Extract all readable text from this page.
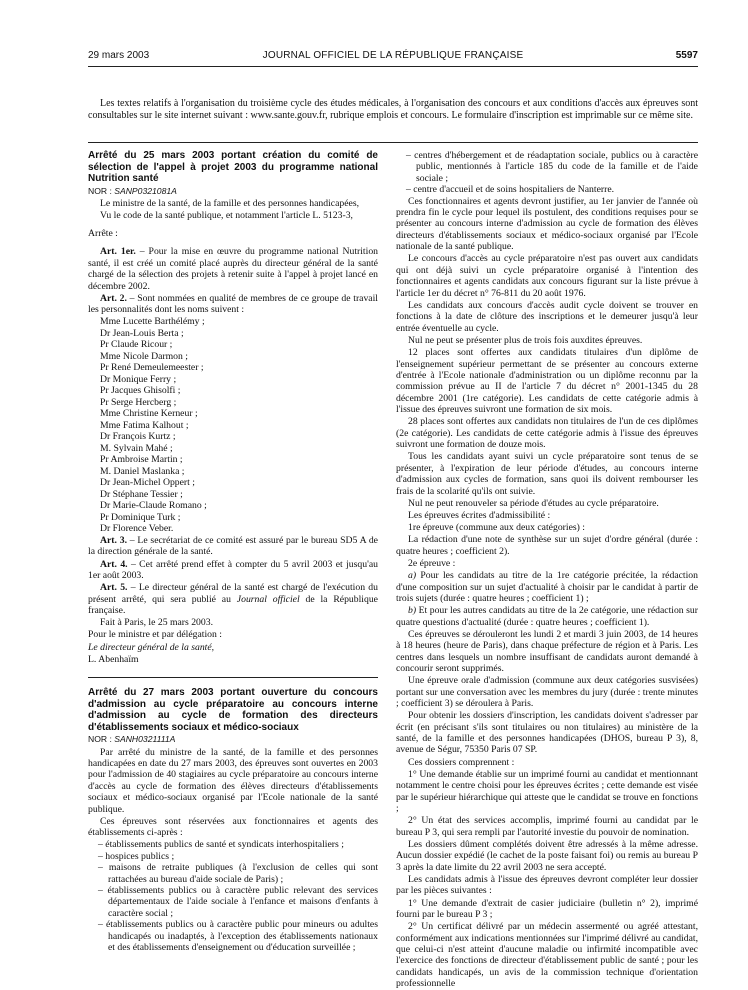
29 mars 2003	JOURNAL OFFICIEL DE LA RÉPUBLIQUE FRANÇAISE	5597

Les textes relatifs à l'organisation du troisième cycle des études médicales, à l'organisation des concours et aux conditions d'accès aux épreuves sont consultables sur le site internet suivant : www.sante.gouv.fr, rubrique emplois et concours. Le formulaire d'inscription est imprimable sur ce même site.

Arrêté du 25 mars 2003 portant création du comité de sélection de l'appel à projet 2003 du programme national Nutrition santé

NOR : SANP0321081A

Le ministre de la santé, de la famille et des personnes handicapées,

Vu le code de la santé publique, et notamment l'article L. 5123-3,

Arrête :

Art. 1er. – Pour la mise en œuvre du programme national Nutrition santé, il est créé un comité placé auprès du directeur général de la santé chargé de la sélection des projets à retenir suite à l'appel à projet lancé en décembre 2002.

Art. 2. – Sont nommées en qualité de membres de ce groupe de travail les personnalités dont les noms suivent :

Mme Lucette Barthélémy ;
Dr Jean-Louis Berta ;
Pr Claude Ricour ;
Mme Nicole Darmon ;
Pr René Demeulemeester ;
Dr Monique Ferry ;
Pr Jacques Ghisolfi ;
Pr Serge Hercberg ;
Mme Christine Kerneur ;
Mme Fatima Kalhout ;
Dr François Kurtz ;
M. Sylvain Mahé ;
Pr Ambroise Martin ;
M. Daniel Maslanka ;
Dr Jean-Michel Oppert ;
Dr Stéphane Tessier ;
Dr Marie-Claude Romano ;
Pr Dominique Turk ;
Dr Florence Veber.

Art. 3. – Le secrétariat de ce comité est assuré par le bureau SD5 A de la direction générale de la santé.

Art. 4. – Cet arrêté prend effet à compter du 5 avril 2003 et jusqu'au 1er août 2003.

Art. 5. – Le directeur général de la santé est chargé de l'exécution du présent arrêté, qui sera publié au Journal officiel de la République française.

Fait à Paris, le 25 mars 2003.

Pour le ministre et par délégation :

Le directeur général de la santé,

L. Abenhaïm

Arrêté du 27 mars 2003 portant ouverture du concours d'admission au cycle préparatoire au concours interne d'admission au cycle de formation des directeurs d'établissements sociaux et médico-sociaux

NOR : SANH0321111A

Par arrêté du ministre de la santé, de la famille et des personnes handicapées en date du 27 mars 2003, des épreuves sont ouvertes en 2003 pour l'admission de 40 stagiaires au cycle préparatoire au concours interne d'accès au cycle de formation des élèves directeurs d'établissements sociaux et médico-sociaux organisé par l'Ecole nationale de la santé publique.

Ces épreuves sont réservées aux fonctionnaires et agents des établissements ci-après :

– établissements publics de santé et syndicats interhospitaliers ;
– hospices publics ;
– maisons de retraite publiques (à l'exclusion de celles qui sont rattachées au bureau d'aide sociale de Paris) ;
– établissements publics ou à caractère public relevant des services départementaux de l'aide sociale à l'enfance et maisons d'enfants à caractère social ;
– établissements publics ou à caractère public pour mineurs ou adultes handicapés ou inadaptés, à l'exception des établissements nationaux et des établissements d'enseignement ou d'éducation surveillée ;
– centres d'hébergement et de réadaptation sociale, publics ou à caractère public, mentionnés à l'article 185 du code de la famille et de l'aide sociale ;
– centre d'accueil et de soins hospitaliers de Nanterre.

Ces fonctionnaires et agents devront justifier, au 1er janvier de l'année où prendra fin le cycle pour lequel ils postulent, des conditions requises pour se présenter au concours interne d'admission au cycle de formation des élèves directeurs d'établissements sociaux et médico-sociaux organisé par l'Ecole nationale de la santé publique.

Le concours d'accès au cycle préparatoire n'est pas ouvert aux candidats qui ont déjà suivi un cycle préparatoire organisé à l'intention des fonctionnaires et agents candidats aux concours figurant sur la liste prévue à l'article 1er du décret n° 76-811 du 20 août 1976.

Les candidats aux concours d'accès audit cycle doivent se trouver en fonctions à la date de clôture des inscriptions et le demeurer jusqu'à leur entrée éventuelle au cycle.

Nul ne peut se présenter plus de trois fois auxdites épreuves.

12 places sont offertes aux candidats titulaires d'un diplôme de l'enseignement supérieur permettant de se présenter au concours externe d'entrée à l'Ecole nationale d'administration ou un diplôme reconnu par la commission prévue au II de l'article 7 du décret n° 2001-1345 du 28 décembre 2001 (1re catégorie). Les candidats de cette catégorie admis à l'issue des épreuves suivront une formation de six mois.

28 places sont offertes aux candidats non titulaires de l'un de ces diplômes (2e catégorie). Les candidats de cette catégorie admis à l'issue des épreuves suivront une formation de douze mois.

Tous les candidats ayant suivi un cycle préparatoire sont tenus de se présenter, à l'expiration de leur période d'études, au concours interne d'admission aux cycles de formation, sans quoi ils doivent rembourser les frais de la scolarité qu'ils ont suivie.

Nul ne peut renouveler sa période d'études au cycle préparatoire.

Les épreuves écrites d'admissibilité :

1re épreuve (commune aux deux catégories) :

La rédaction d'une note de synthèse sur un sujet d'ordre général (durée : quatre heures ; coefficient 2).

2e épreuve :

a) Pour les candidats au titre de la 1re catégorie précitée, la rédaction d'une composition sur un sujet d'actualité à choisir par le candidat à partir de trois sujets (durée : quatre heures ; coefficient 1) ;

b) Et pour les autres candidats au titre de la 2e catégorie, une rédaction sur quatre questions d'actualité (durée : quatre heures ; coefficient 1).

Ces épreuves se dérouleront les lundi 2 et mardi 3 juin 2003, de 14 heures à 18 heures (heure de Paris), dans chaque préfecture de région et à Paris. Les centres dans lesquels un nombre insuffisant de candidats auront demandé à concourir seront supprimés.

Une épreuve orale d'admission (commune aux deux catégories susvisées) portant sur une conversation avec les membres du jury (durée : trente minutes ; coefficient 3) se déroulera à Paris.

Pour obtenir les dossiers d'inscription, les candidats doivent s'adresser par écrit (en précisant s'ils sont titulaires ou non titulaires) au ministère de la santé, de la famille et des personnes handicapées (DHOS, bureau P 3), 8, avenue de Ségur, 75350 Paris 07 SP.

Ces dossiers comprennent :

1° Une demande établie sur un imprimé fourni au candidat et mentionnant notamment le centre choisi pour les épreuves écrites ; cette demande est visée par le supérieur hiérarchique qui atteste que le candidat se trouve en fonctions ;

2° Un état des services accomplis, imprimé fourni au candidat par le bureau P 3, qui sera rempli par l'autorité investie du pouvoir de nomination.

Les dossiers dûment complétés doivent être adressés à la même adresse. Aucun dossier expédié (le cachet de la poste faisant foi) ou remis au bureau P 3 après la date limite du 22 avril 2003 ne sera accepté.

Les candidats admis à l'issue des épreuves devront compléter leur dossier par les pièces suivantes :

1° Une demande d'extrait de casier judiciaire (bulletin n° 2), imprimé fourni par le bureau P 3 ;

2° Un certificat délivré par un médecin assermenté ou agréé attestant, conformément aux indications mentionnées sur l'imprimé délivré au candidat, que celui-ci n'est atteint d'aucune maladie ou infirmité incompatible avec l'exercice des fonctions de directeur d'établissement public de santé ; pour les candidats handicapés, un avis de la commission technique d'orientation professionnelle
